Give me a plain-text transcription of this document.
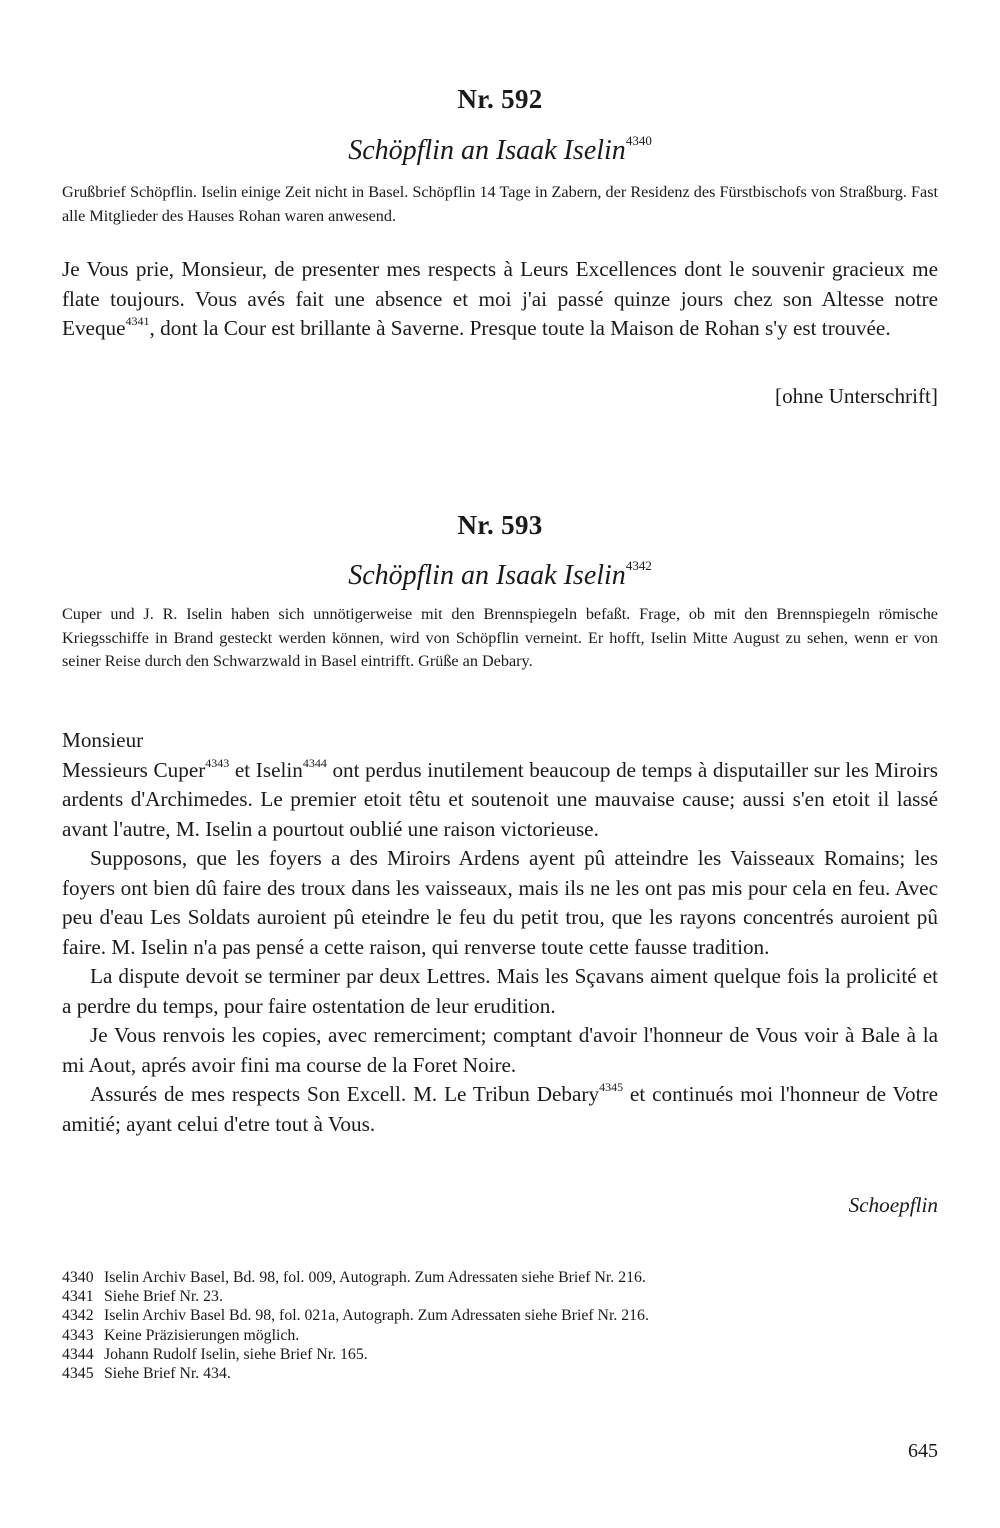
Nr. 592
Schöpflin an Isaak Iselin$^{4340}$
Grußbrief Schöpflin. Iselin einige Zeit nicht in Basel. Schöpflin 14 Tage in Zabern, der Residenz des Fürstbischofs von Straßburg. Fast alle Mitglieder des Hauses Rohan waren anwesend.

Je Vous prie, Monsieur, de presenter mes respects à Leurs Excellences dont le souvenir gracieux me flate toujours. Vous avés fait une absence et moi j'ai passé quinze jours chez son Altesse notre Eveque$^{4341}$, dont la Cour est brillante à Saverne. Presque toute la Maison de Rohan s'y est trouvée.

[ohne Unterschrift]
Nr. 593
Schöpflin an Isaak Iselin$^{4342}$
Cuper und J. R. Iselin haben sich unnötigerweise mit den Brennspiegeln befaßt. Frage, ob mit den Brennspiegeln römische Kriegsschiffe in Brand gesteckt werden können, wird von Schöpflin verneint. Er hofft, Iselin Mitte August zu sehen, wenn er von seiner Reise durch den Schwarzwald in Basel eintrifft. Grüße an Debary.

Monsieur

Messieurs Cuper$^{4343}$ et Iselin$^{4344}$ ont perdus inutilement beaucoup de temps à disputailler sur les Miroirs ardents d'Archimedes. Le premier etoit têtu et soutenoit une mauvaise cause; aussi s'en etoit il lassé avant l'autre, M. Iselin a pourtout oublié une raison victorieuse.

Supposons, que les foyers a des Miroirs Ardens ayent pû atteindre les Vaisseaux Romains; les foyers ont bien dû faire des troux dans les vaisseaux, mais ils ne les ont pas mis pour cela en feu. Avec peu d'eau Les Soldats auroient pû eteindre le feu du petit trou, que les rayons concentrés auroient pû faire. M. Iselin n'a pas pensé a cette raison, qui renverse toute cette fausse tradition.

La dispute devoit se terminer par deux Lettres. Mais les Sçavans aiment quelque fois la prolicité et a perdre du temps, pour faire ostentation de leur erudition.

Je Vous renvois les copies, avec remerciment; comptant d'avoir l'honneur de Vous voir à Bale à la mi Aout, aprés avoir fini ma course de la Foret Noire.

Assurés de mes respects Son Excell. M. Le Tribun Debary$^{4345}$ et continués moi l'honneur de Votre amitié; ayant celui d'etre tout à Vous.

Schoepflin
4340 Iselin Archiv Basel, Bd. 98, fol. 009, Autograph. Zum Adressaten siehe Brief Nr. 216.
4341 Siehe Brief Nr. 23.
4342 Iselin Archiv Basel Bd. 98, fol. 021a, Autograph. Zum Adressaten siehe Brief Nr. 216.
4343 Keine Präzisierungen möglich.
4344 Johann Rudolf Iselin, siehe Brief Nr. 165.
4345 Siehe Brief Nr. 434.
645
